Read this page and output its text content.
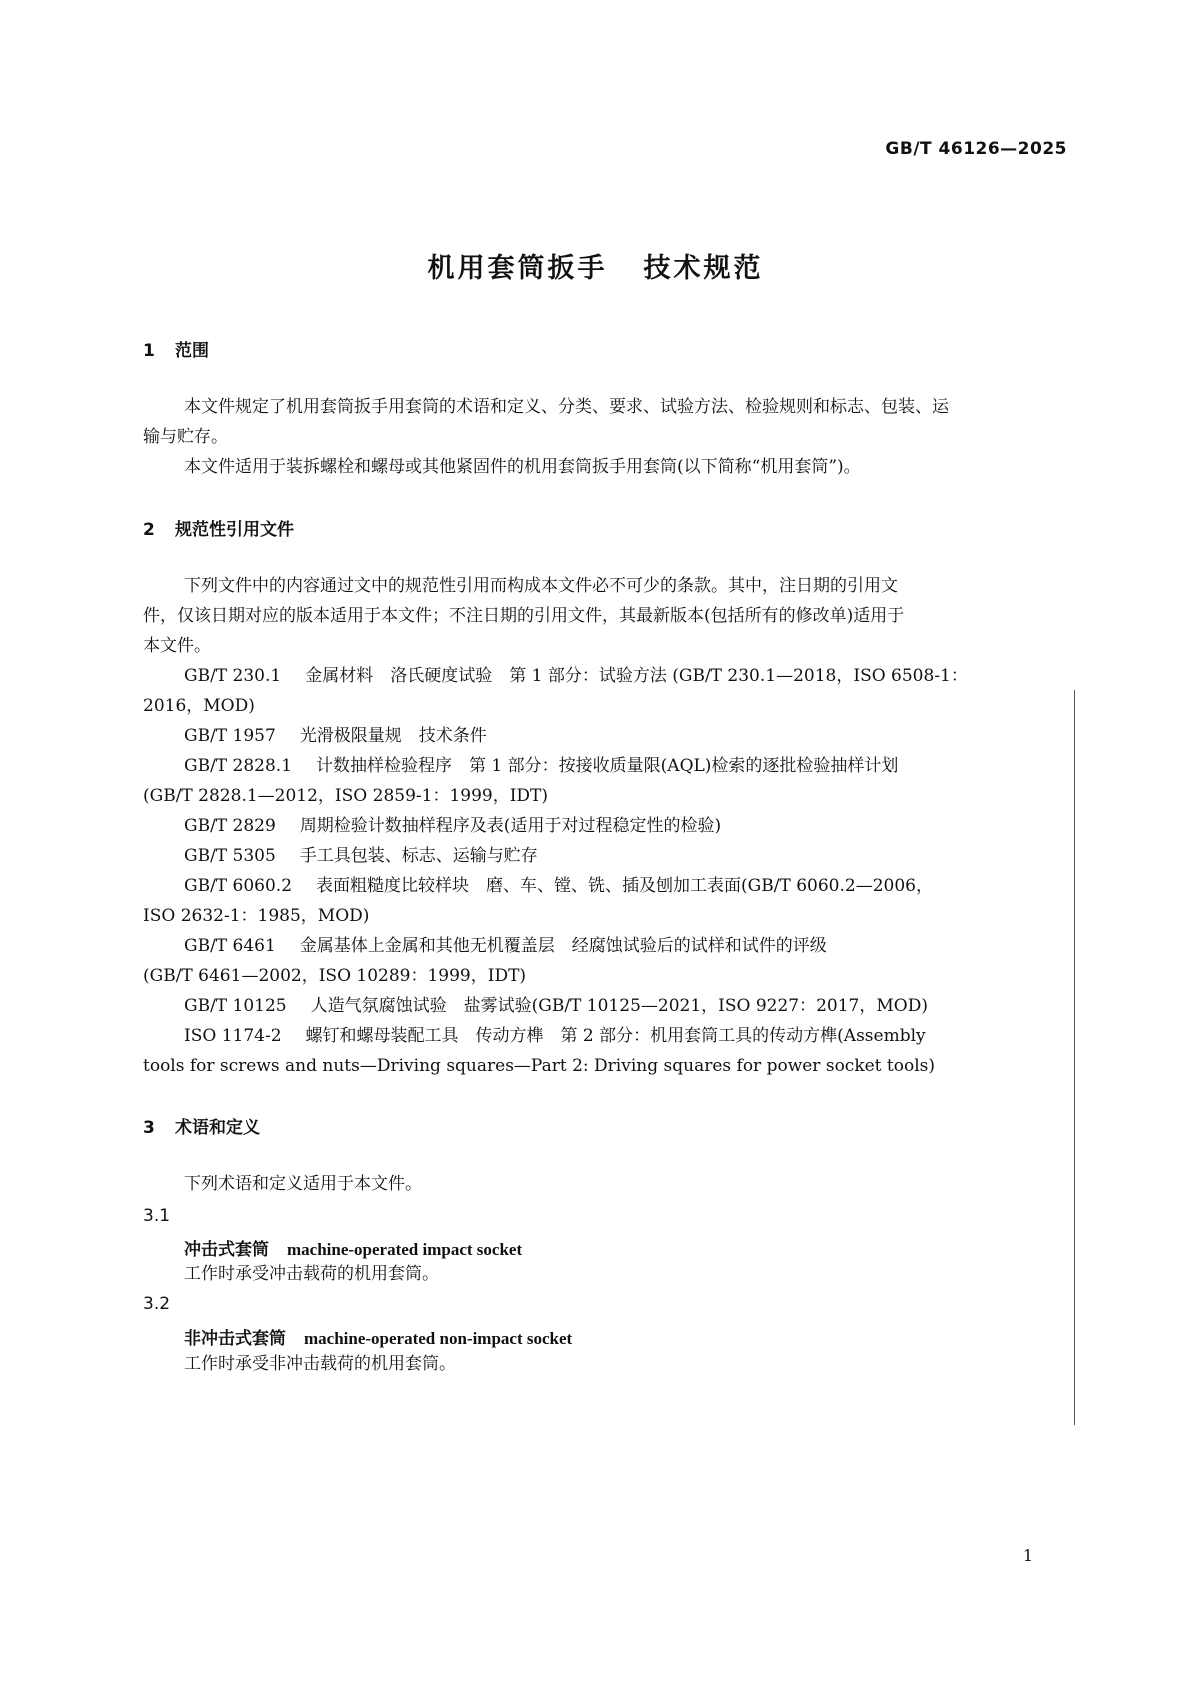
GB/T 46126—2025
机用套筒扳手 技术规范
1 范围
本文件规定了机用套筒扳手用套筒的术语和定义、分类、要求、试验方法、检验规则和标志、包装、运
输与贮存。
本文件适用于装拆螺栓和螺母或其他紧固件的机用套筒扳手用套筒(以下简称“机用套筒”)。
2 规范性引用文件
下列文件中的内容通过文中的规范性引用而构成本文件必不可少的条款。其中，注日期的引用文
件，仅该日期对应的版本适用于本文件；不注日期的引用文件，其最新版本(包括所有的修改单)适用于
本文件。
GB/T 230.1 金属材料　洛氏硬度试验　第 1 部分：试验方法 (GB/T 230.1—2018，ISO 6508-1：
2016，MOD)
GB/T 1957 光滑极限量规　技术条件
GB/T 2828.1 计数抽样检验程序　第 1 部分：按接收质量限(AQL)检索的逐批检验抽样计划
(GB/T 2828.1—2012，ISO 2859-1：1999，IDT)
GB/T 2829 周期检验计数抽样程序及表(适用于对过程稳定性的检验)
GB/T 5305 手工具包装、标志、运输与贮存
GB/T 6060.2 表面粗糙度比较样块　磨、车、镗、铣、插及刨加工表面(GB/T 6060.2—2006，
ISO 2632-1：1985，MOD)
GB/T 6461 金属基体上金属和其他无机覆盖层　经腐蚀试验后的试样和试件的评级
(GB/T 6461—2002，ISO 10289：1999，IDT)
GB/T 10125 人造气氛腐蚀试验　盐雾试验(GB/T 10125—2021，ISO 9227：2017，MOD)
ISO 1174-2 螺钉和螺母装配工具　传动方榫　第 2 部分：机用套筒工具的传动方榫(Assembly
tools for screws and nuts—Driving squares—Part 2: Driving squares for power socket tools)
3 术语和定义
下列术语和定义适用于本文件。
3.1
冲击式套筒 machine-operated impact socket
工作时承受冲击载荷的机用套筒。
3.2
非冲击式套筒 machine-operated non-impact socket
工作时承受非冲击载荷的机用套筒。
1
